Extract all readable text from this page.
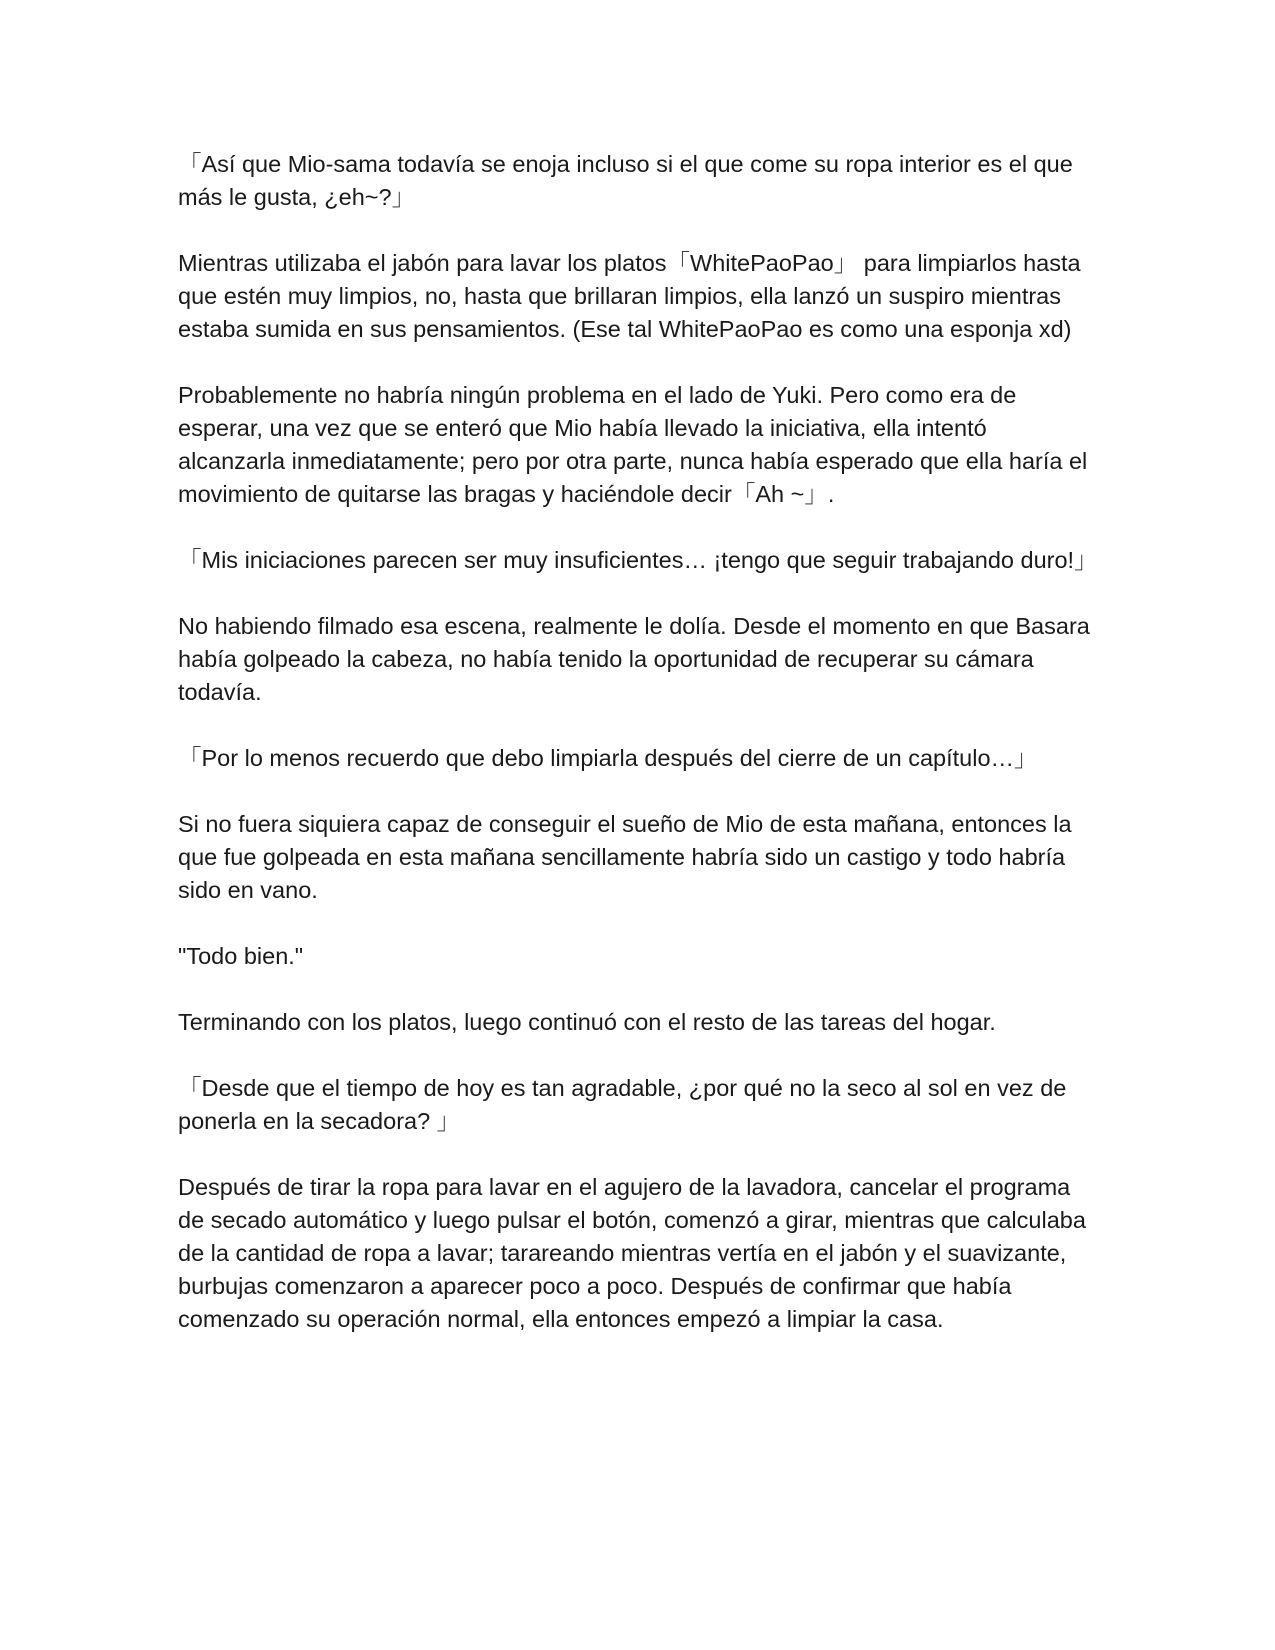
「Así que Mio-sama todavía se enoja incluso si el que come su ropa interior es el que más le gusta, ¿eh~?」

Mientras utilizaba el jabón para lavar los platos「WhitePaoPao」 para limpiarlos hasta que estén muy limpios, no, hasta que brillaran limpios, ella lanzó un suspiro mientras estaba sumida en sus pensamientos. (Ese tal WhitePaoPao es como una esponja xd)

Probablemente no habría ningún problema en el lado de Yuki. Pero como era de esperar, una vez que se enteró que Mio había llevado la iniciativa, ella intentó alcanzarla inmediatamente; pero por otra parte, nunca había esperado que ella haría el movimiento de quitarse las bragas y haciéndole decir「Ah ~」.

「Mis iniciaciones parecen ser muy insuficientes… ¡tengo que seguir trabajando duro!」

No habiendo filmado esa escena, realmente le dolía. Desde el momento en que Basara había golpeado la cabeza, no había tenido la oportunidad de recuperar su cámara todavía.

「Por lo menos recuerdo que debo limpiarla después del cierre de un capítulo…」

Si no fuera siquiera capaz de conseguir el sueño de Mio de esta mañana, entonces la que fue golpeada en esta mañana sencillamente habría sido un castigo y todo habría sido en vano.

"Todo bien."

Terminando con los platos, luego continuó con el resto de las tareas del hogar.

「Desde que el tiempo de hoy es tan agradable, ¿por qué no la seco al sol en vez de ponerla en la secadora? 」

Después de tirar la ropa para lavar en el agujero de la lavadora, cancelar el programa de secado automático y luego pulsar el botón, comenzó a girar, mientras que calculaba de la cantidad de ropa a lavar; tarareando mientras vertía en el jabón y el suavizante, burbujas comenzaron a aparecer poco a poco. Después de confirmar que había comenzado su operación normal, ella entonces empezó a limpiar la casa.
